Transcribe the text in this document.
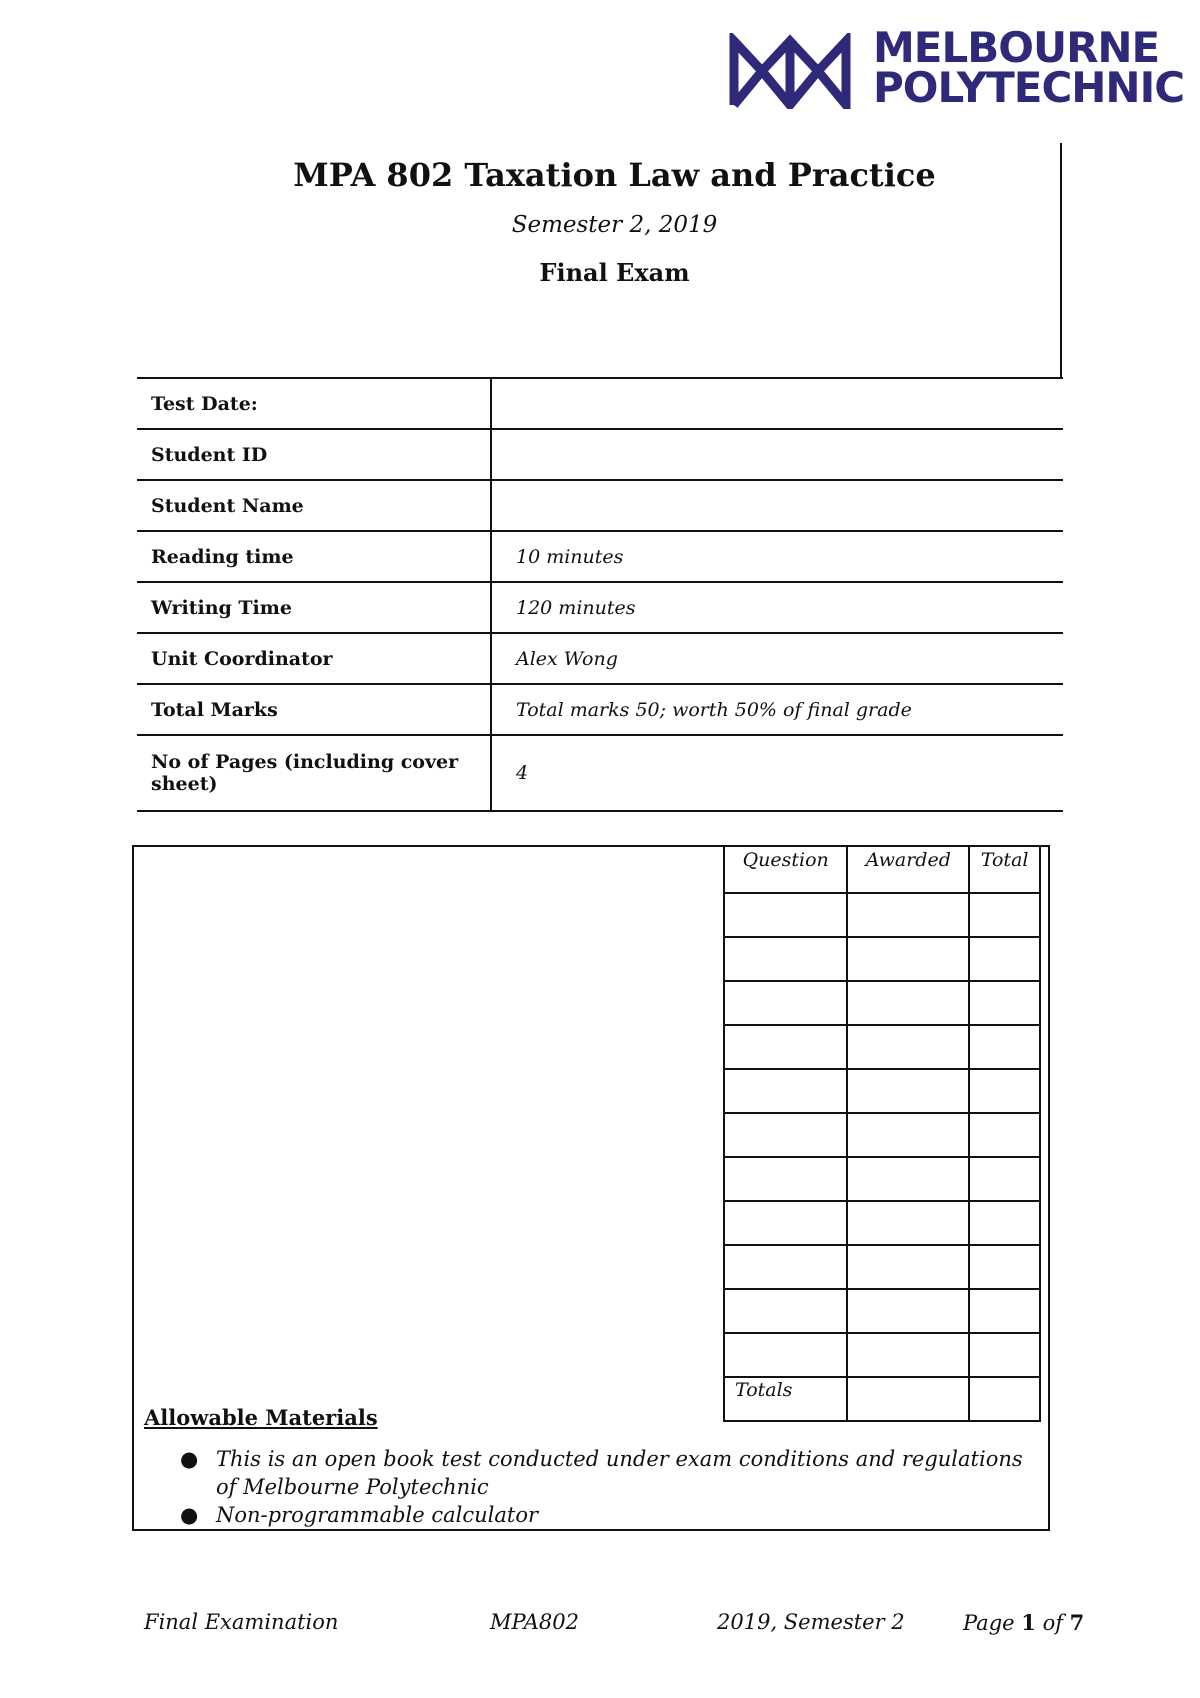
MELBOURNE
POLYTECHNIC
MPA 802 Taxation Law and Practice
Semester 2, 2019
Final Exam
Test Date:	
Student ID	
Student Name	
Reading time	10 minutes
Writing Time	120 minutes
Unit Coordinator	Alex Wong
Total Marks	Total marks 50; worth 50% of final grade
No of Pages (including cover sheet)	4
Question	Awarded	Total

Totals		
Allowable Materials
● This is an open book test conducted under exam conditions and regulations of Melbourne Polytechnic
● Non-programmable calculator
Final Examination	MPA802	2019, Semester 2	Page 1 of 7
